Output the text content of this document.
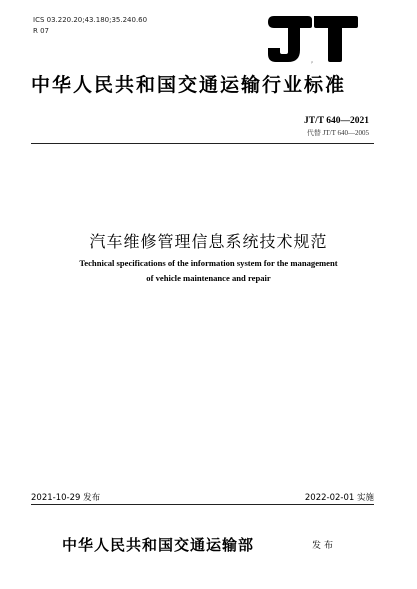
ICS 03.220.20;43.180;35.240.60
R 07
JT
中华人民共和国交通运输行业标准
JT/T 640—2021
代替 JT/T 640—2005
汽车维修管理信息系统技术规范
Technical specifications of the information system for the management
of vehicle maintenance and repair
2021-10-29 发布	2022-02-01 实施
中华人民共和国交通运输部	发布
